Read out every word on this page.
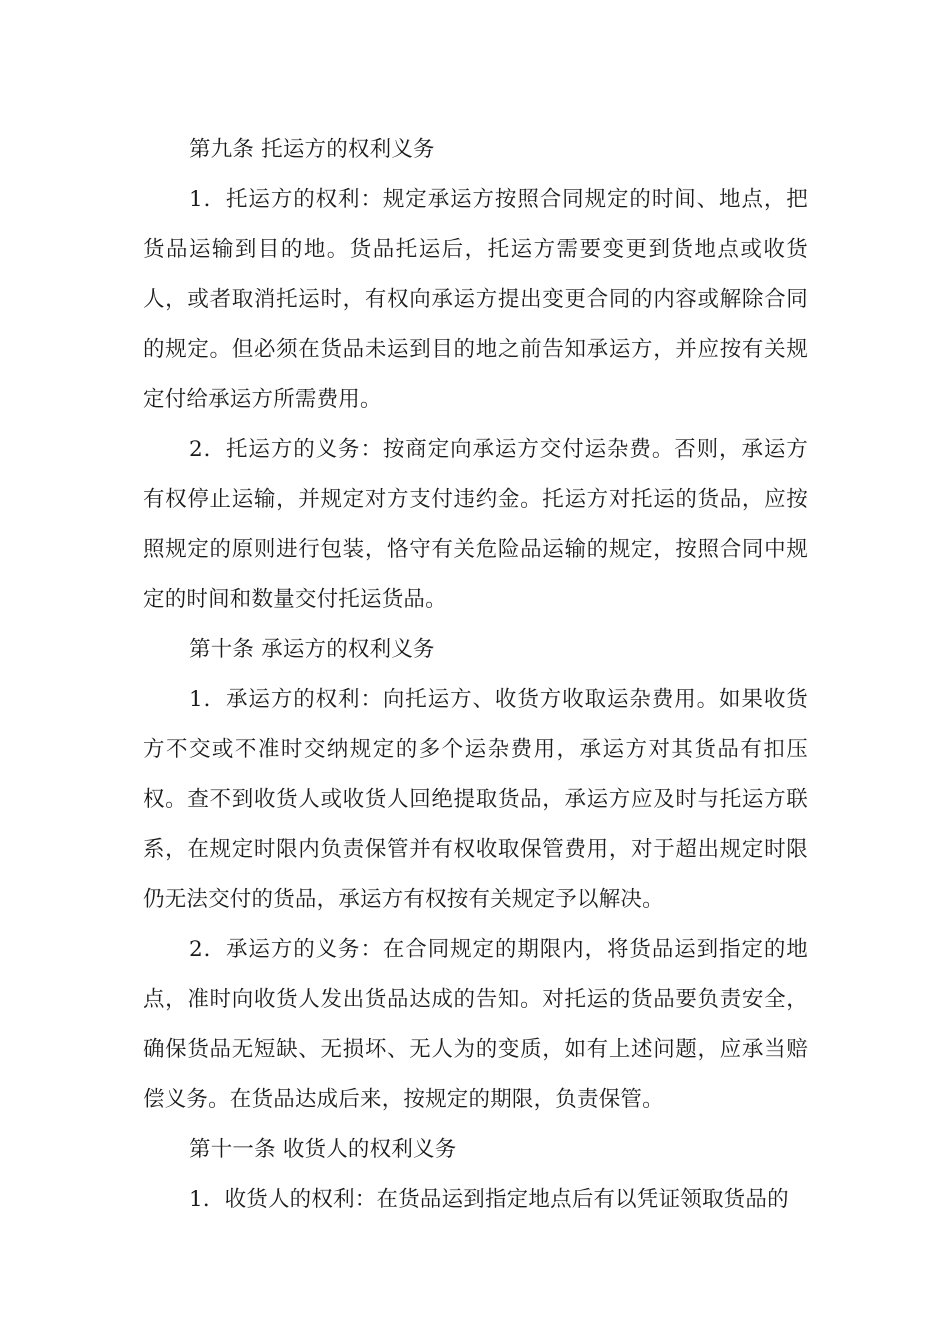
第九条 托运方的权利义务

1．托运方的权利：规定承运方按照合同规定的时间、地点，把货品运输到目的地。货品托运后，托运方需要变更到货地点或收货人，或者取消托运时，有权向承运方提出变更合同的内容或解除合同的规定。但必须在货品未运到目的地之前告知承运方，并应按有关规定付给承运方所需费用。

2．托运方的义务：按商定向承运方交付运杂费。否则，承运方有权停止运输，并规定对方支付违约金。托运方对托运的货品，应按照规定的原则进行包装，恪守有关危险品运输的规定，按照合同中规定的时间和数量交付托运货品。

第十条 承运方的权利义务

1．承运方的权利：向托运方、收货方收取运杂费用。如果收货方不交或不准时交纳规定的多个运杂费用，承运方对其货品有扣压权。查不到收货人或收货人回绝提取货品，承运方应及时与托运方联系，在规定时限内负责保管并有权收取保管费用，对于超出规定时限仍无法交付的货品，承运方有权按有关规定予以解决。

2．承运方的义务：在合同规定的期限内，将货品运到指定的地点，准时向收货人发出货品达成的告知。对托运的货品要负责安全，确保货品无短缺、无损坏、无人为的变质，如有上述问题，应承当赔偿义务。在货品达成后来，按规定的期限，负责保管。

第十一条 收货人的权利义务

1．收货人的权利：在货品运到指定地点后有以凭证领取货品的
